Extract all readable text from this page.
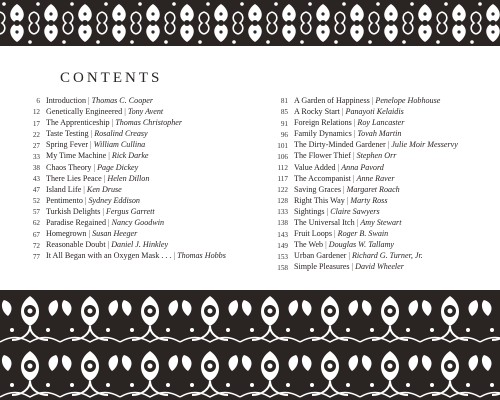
CONTENTS
6 Introduction | Thomas C. Cooper
12 Genetically Engineered | Tony Avent
17 The Apprenticeship | Thomas Christopher
22 Taste Testing | Rosalind Creasy
27 Spring Fever | William Cullina
33 My Time Machine | Rick Darke
38 Chaos Theory | Page Dickey
43 There Lies Peace | Helen Dillon
47 Island Life | Ken Druse
52 Pentimento | Sydney Eddison
57 Turkish Delights | Fergus Garrett
62 Paradise Regained | Nancy Goodwin
67 Homegrown | Susan Heeger
72 Reasonable Doubt | Daniel J. Hinkley
77 It All Began with an Oxygen Mask . . . | Thomas Hobbs
81 A Garden of Happiness | Penelope Hobhouse
85 A Rocky Start | Panayoti Kelaidis
91 Foreign Relations | Roy Lancaster
96 Family Dynamics | Tovah Martin
101 The Dirty-Minded Gardener | Julie Moir Messervy
106 The Flower Thief | Stephen Orr
112 Value Added | Anna Pavord
117 The Accompanist | Anne Raver
122 Saving Graces | Margaret Roach
128 Right This Way | Marty Ross
133 Sightings | Claire Sawyers
138 The Universal Itch | Amy Stewart
143 Fruit Loops | Roger B. Swain
149 The Web | Douglas W. Tallamy
153 Urban Gardener | Richard G. Turner, Jr.
158 Simple Pleasures | David Wheeler
